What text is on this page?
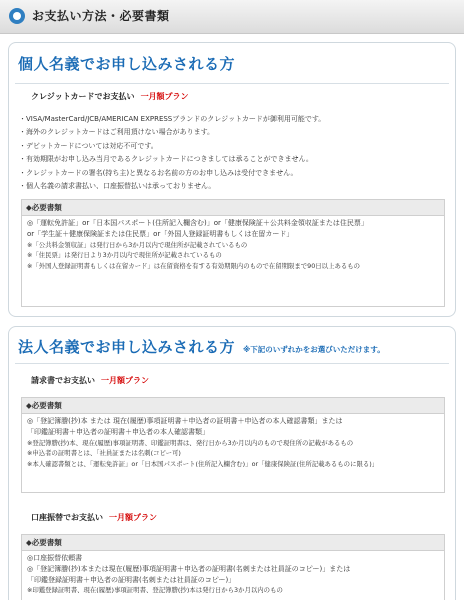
お支払い方法・必要書類
個人名義でお申し込みされる方
クレジットカードでお支払い 一月額プラン
・VISA/MasterCard/JCB/AMERICAN EXPRESSブランドのクレジットカードが御利用可能です。
・海外のクレジットカードはご利用頂けない場合があります。
・デビットカードについては対応不可です。
・有効期限がお申し込み当月であるクレジットカードにつきましては承ることができません。
・クレジットカードの署名(持ち主)と異なるお名前の方のお申し込みは受付できません。
・個人名義の請求書払い、口座振替払いは承っておりません。
◆必要書類
◎「運転免許証」or「日本国パスポート(住所記入欄含む)」or「健康保険証＋公共料金領収証または住民票」
or「学生証＋健康保険証または住民票」or「外国人登録証明書もしくは在留カード」
※「公共料金領収証」は発行日から3か月以内で現住所が記載されているもの
※「住民票」は発行日より3か月以内で現住所が記載されているもの
※「外国人登録証明書もしくは在留カード」は在留資格を有する有効期限内のもので在留期限まで90日以上あるもの
法人名義でお申し込みされる方 ※下記のいずれかをお選びいただけます。
請求書でお支払い 一月額プラン
◆必要書類
◎「登記簿謄(抄)本 または 現在(履歴)事項証明書＋申込者の証明書＋申込者の本人確認書類」または
「印鑑証明書＋申込者の証明書＋申込者の本人確認書類」
※登記簿謄(抄)本、現在(履歴)事項証明書、印鑑証明書は、発行日から3か月以内のもので現住所の記載があるもの
※申込者の証明書とは、「社員証または名刺(コピー可)
※本人確認書類とは、「運転免許証」or「日本国パスポート(住所記入欄含む)」or「健康保険証(住所記載あるものに限る)」
口座振替でお支払い 一月額プラン
◆必要書類
◎口座振替依頼書
◎「登記簿謄(抄)本または現在(履歴)事項証明書＋申込者の証明書(名刺または社員証のコピー)」または
「印鑑登録証明書＋申込者の証明書(名刺または社員証のコピー)」
※印鑑登録証明書、現在(履歴)事項証明書、登記簿謄(抄)本は発行日から3か月以内のもの
